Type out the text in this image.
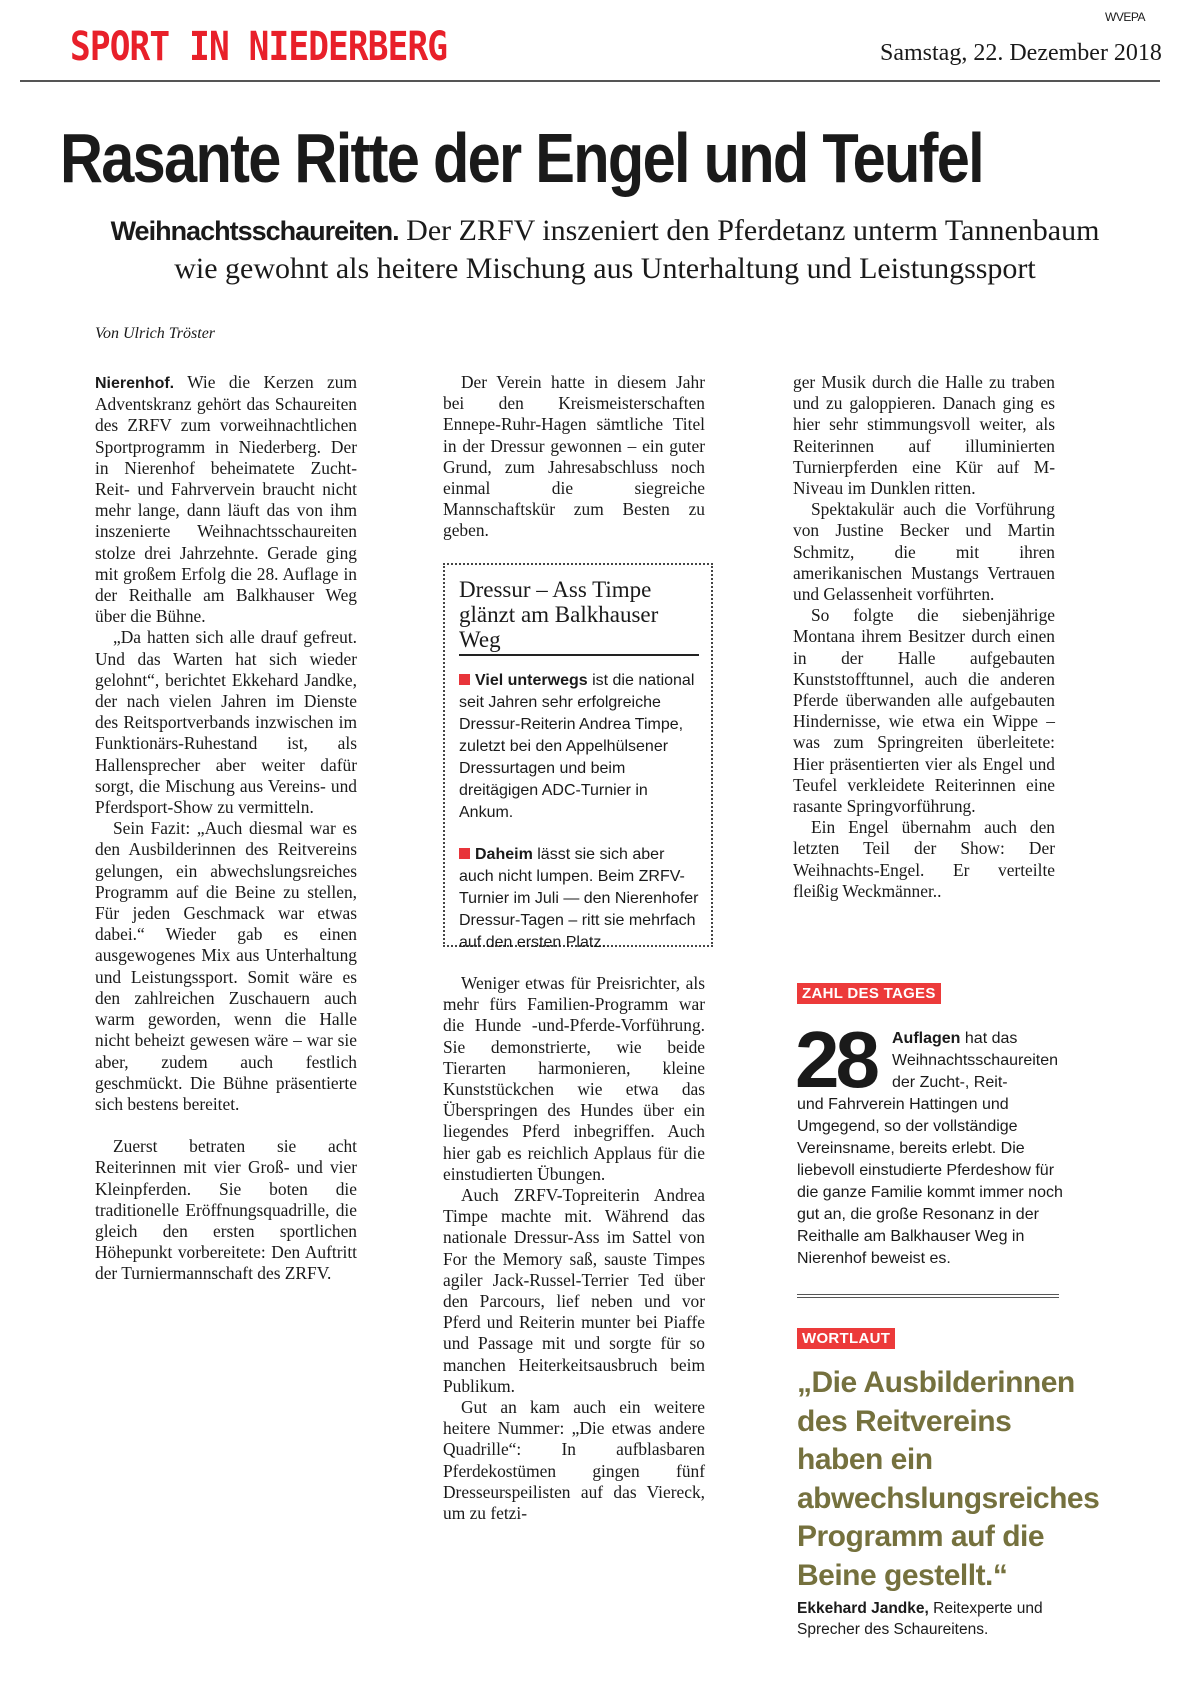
WVEPA
SPORT IN NIEDERBERG	Samstag, 22. Dezember 2018
Rasante Ritte der Engel und Teufel
Weihnachtsschaureiten. Der ZRFV inszeniert den Pferdetanz unterm Tannenbaum
wie gewohnt als heitere Mischung aus Unterhaltung und Leistungssport
Von Ulrich Tröster

Nierenhof. Wie die Kerzen zum Adventskranz gehört das Schaureiten des ZRFV zum vorweihnachtlichen Sportprogramm in Niederberg. Der in Nierenhof beheimatete Zucht- Reit- und Fahrvervein braucht nicht mehr lange, dann läuft das von ihm inszenierte Weihnachtsschaureiten stolze drei Jahrzehnte. Gerade ging mit großem Erfolg die 28. Auflage in der Reithalle am Balkhauser Weg über die Bühne.

„Da hatten sich alle drauf gefreut. Und das Warten hat sich wieder gelohnt“, berichtet Ekkehard Jandke, der nach vielen Jahren im Dienste des Reitsportverbands inzwischen im Funktionärs-Ruhestand ist, als Hallensprecher aber weiter dafür sorgt, die Mischung aus Vereins- und Pferdsport-Show zu vermitteln.

Sein Fazit: „Auch diesmal war es den Ausbilderinnen des Reitvereins gelungen, ein abwechslungsreiches Programm auf die Beine zu stellen, Für jeden Geschmack war etwas dabei.“ Wieder gab es einen ausgewogenes Mix aus Unterhaltung und Leistungssport. Somit wäre es den zahlreichen Zuschauern auch warm geworden, wenn die Halle nicht beheizt gewesen wäre – war sie aber, zudem auch festlich geschmückt. Die Bühne präsentierte sich bestens bereitet.

Zuerst betraten sie acht Reiterinnen mit vier Groß- und vier Kleinpferden. Sie boten die traditionelle Eröffnungsquadrille, die gleich den ersten sportlichen Höhepunkt vorbereitete: Den Auftritt der Turniermannschaft des ZRFV.

Der Verein hatte in diesem Jahr bei den Kreismeisterschaften Ennepe-Ruhr-Hagen sämtliche Titel in der Dressur gewonnen – ein guter Grund, zum Jahresabschluss noch einmal die siegreiche Mannschaftskür zum Besten zu geben.

Dressur – Ass Timpe glänzt am Balkhauser Weg

Viel unterwegs ist die national seit Jahren sehr erfolgreiche Dressur-Reiterin Andrea Timpe, zuletzt bei den Appelhülsener Dressurtagen und beim dreitägigen ADC-Turnier in Ankum.

Daheim lässt sie sich aber auch nicht lumpen. Beim ZRFV-Turnier im Juli — den Nierenhofer Dressur-Tagen – ritt sie mehrfach auf den ersten Platz.

Weniger etwas für Preisrichter, als mehr fürs Familien-Programm war die Hunde -und-Pferde-Vorführung. Sie demonstrierte, wie beide Tierarten harmonieren, kleine Kunststückchen wie etwa das Überspringen des Hundes über ein liegendes Pferd inbegriffen. Auch hier gab es reichlich Applaus für die einstudierten Übungen.

Auch ZRFV-Topreiterin Andrea Timpe machte mit. Während das nationale Dressur-Ass im Sattel von For the Memory saß, sauste Timpes agiler Jack-Russel-Terrier Ted über den Parcours, lief neben und vor Pferd und Reiterin munter bei Piaffe und Passage mit und sorgte für so manchen Heiterkeitsausbruch beim Publikum.

Gut an kam auch ein weitere heitere Nummer: „Die etwas andere Quadrille“: In aufblasbaren Pferdekostümen gingen fünf Dresseurspeilisten auf das Viereck, um zu fetzi-

ger Musik durch die Halle zu traben und zu galoppieren. Danach ging es hier sehr stimmungsvoll weiter, als Reiterinnen auf illuminierten Turnierpferden eine Kür auf M-Niveau im Dunklen ritten.

Spektakulär auch die Vorführung von Justine Becker und Martin Schmitz, die mit ihren amerikanischen Mustangs Vertrauen und Gelassenheit vorführten.

So folgte die siebenjährige Montana ihrem Besitzer durch einen in der Halle aufgebauten Kunststofftunnel, auch die anderen Pferde überwanden alle aufgebauten Hindernisse, wie etwa ein Wippe – was zum Springreiten überleitete: Hier präsentierten vier als Engel und Teufel verkleidete Reiterinnen eine rasante Springvorführung.

Ein Engel übernahm auch den letzten Teil der Show: Der Weihnachts-Engel. Er verteilte fleißig Weckmänner..

ZAHL DES TAGES
28	Auflagen hat das Weihnachtsschaureiten der Zucht-, Reit-
und Fahrverein Hattingen und Umgegend, so der vollständige Vereinsname, bereits erlebt. Die liebevoll einstudierte Pferdeshow für die ganze Familie kommt immer noch gut an, die große Resonanz in der Reithalle am Balkhauser Weg in Nierenhof beweist es.
WORTLAUT
„Die Ausbilderinnen des Reitvereins haben ein abwechslungsreiches Programm auf die Beine gestellt.“
Ekkehard Jandke, Reitexperte und Sprecher des Schaureitens.
